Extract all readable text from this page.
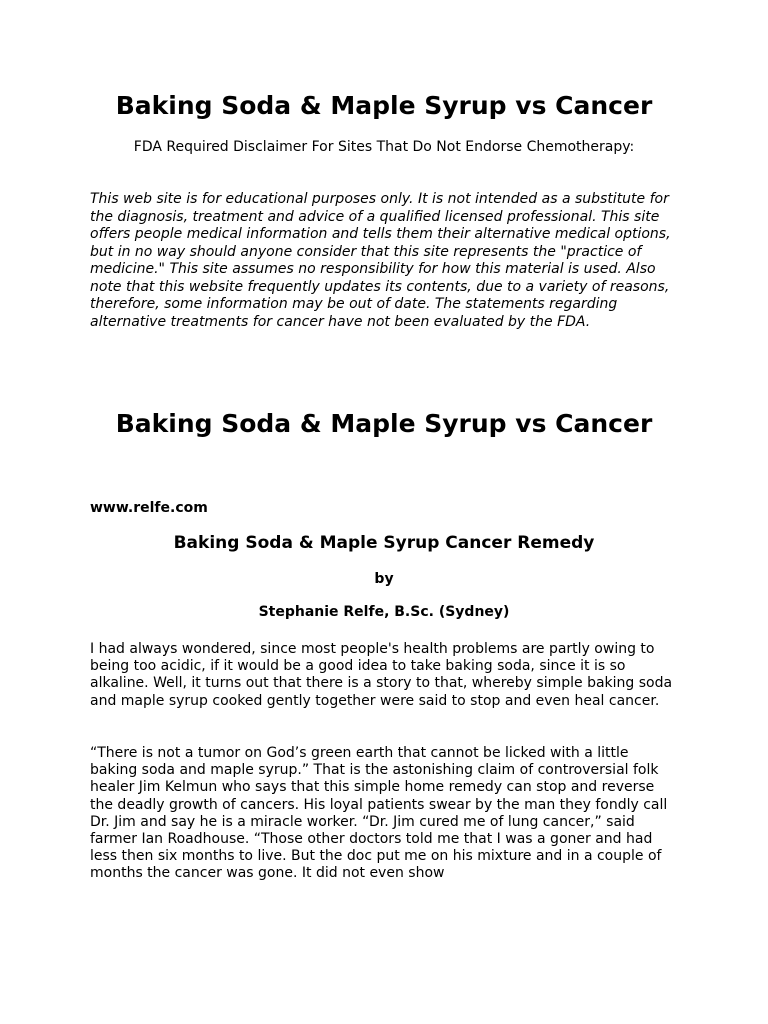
Baking Soda & Maple Syrup vs Cancer

FDA Required Disclaimer For Sites That Do Not Endorse Chemotherapy:

This web site is for educational purposes only. It is not intended as a substitute for the diagnosis, treatment and advice of a qualified licensed professional. This site offers people medical information and tells them their alternative medical options, but in no way should anyone consider that this site represents the "practice of medicine." This site assumes no responsibility for how this material is used. Also note that this website frequently updates its contents, due to a variety of reasons, therefore, some information may be out of date. The statements regarding alternative treatments for cancer have not been evaluated by the FDA.

Baking Soda & Maple Syrup vs Cancer

www.relfe.com

Baking Soda & Maple Syrup Cancer Remedy

by

Stephanie Relfe, B.Sc. (Sydney)

I had always wondered, since most people's health problems are partly owing to being too acidic, if it would be a good idea to take baking soda, since it is so alkaline. Well, it turns out that there is a story to that, whereby simple baking soda and maple syrup cooked gently together were said to stop and even heal cancer.

“There is not a tumor on God’s green earth that cannot be licked with a little baking soda and maple syrup.” That is the astonishing claim of controversial folk healer Jim Kelmun who says that this simple home remedy can stop and reverse the deadly growth of cancers. His loyal patients swear by the man they fondly call Dr. Jim and say he is a miracle worker. “Dr. Jim cured me of lung cancer,” said farmer Ian Roadhouse. “Those other doctors told me that I was a goner and had less then six months to live. But the doc put me on his mixture and in a couple of months the cancer was gone. It did not even show
